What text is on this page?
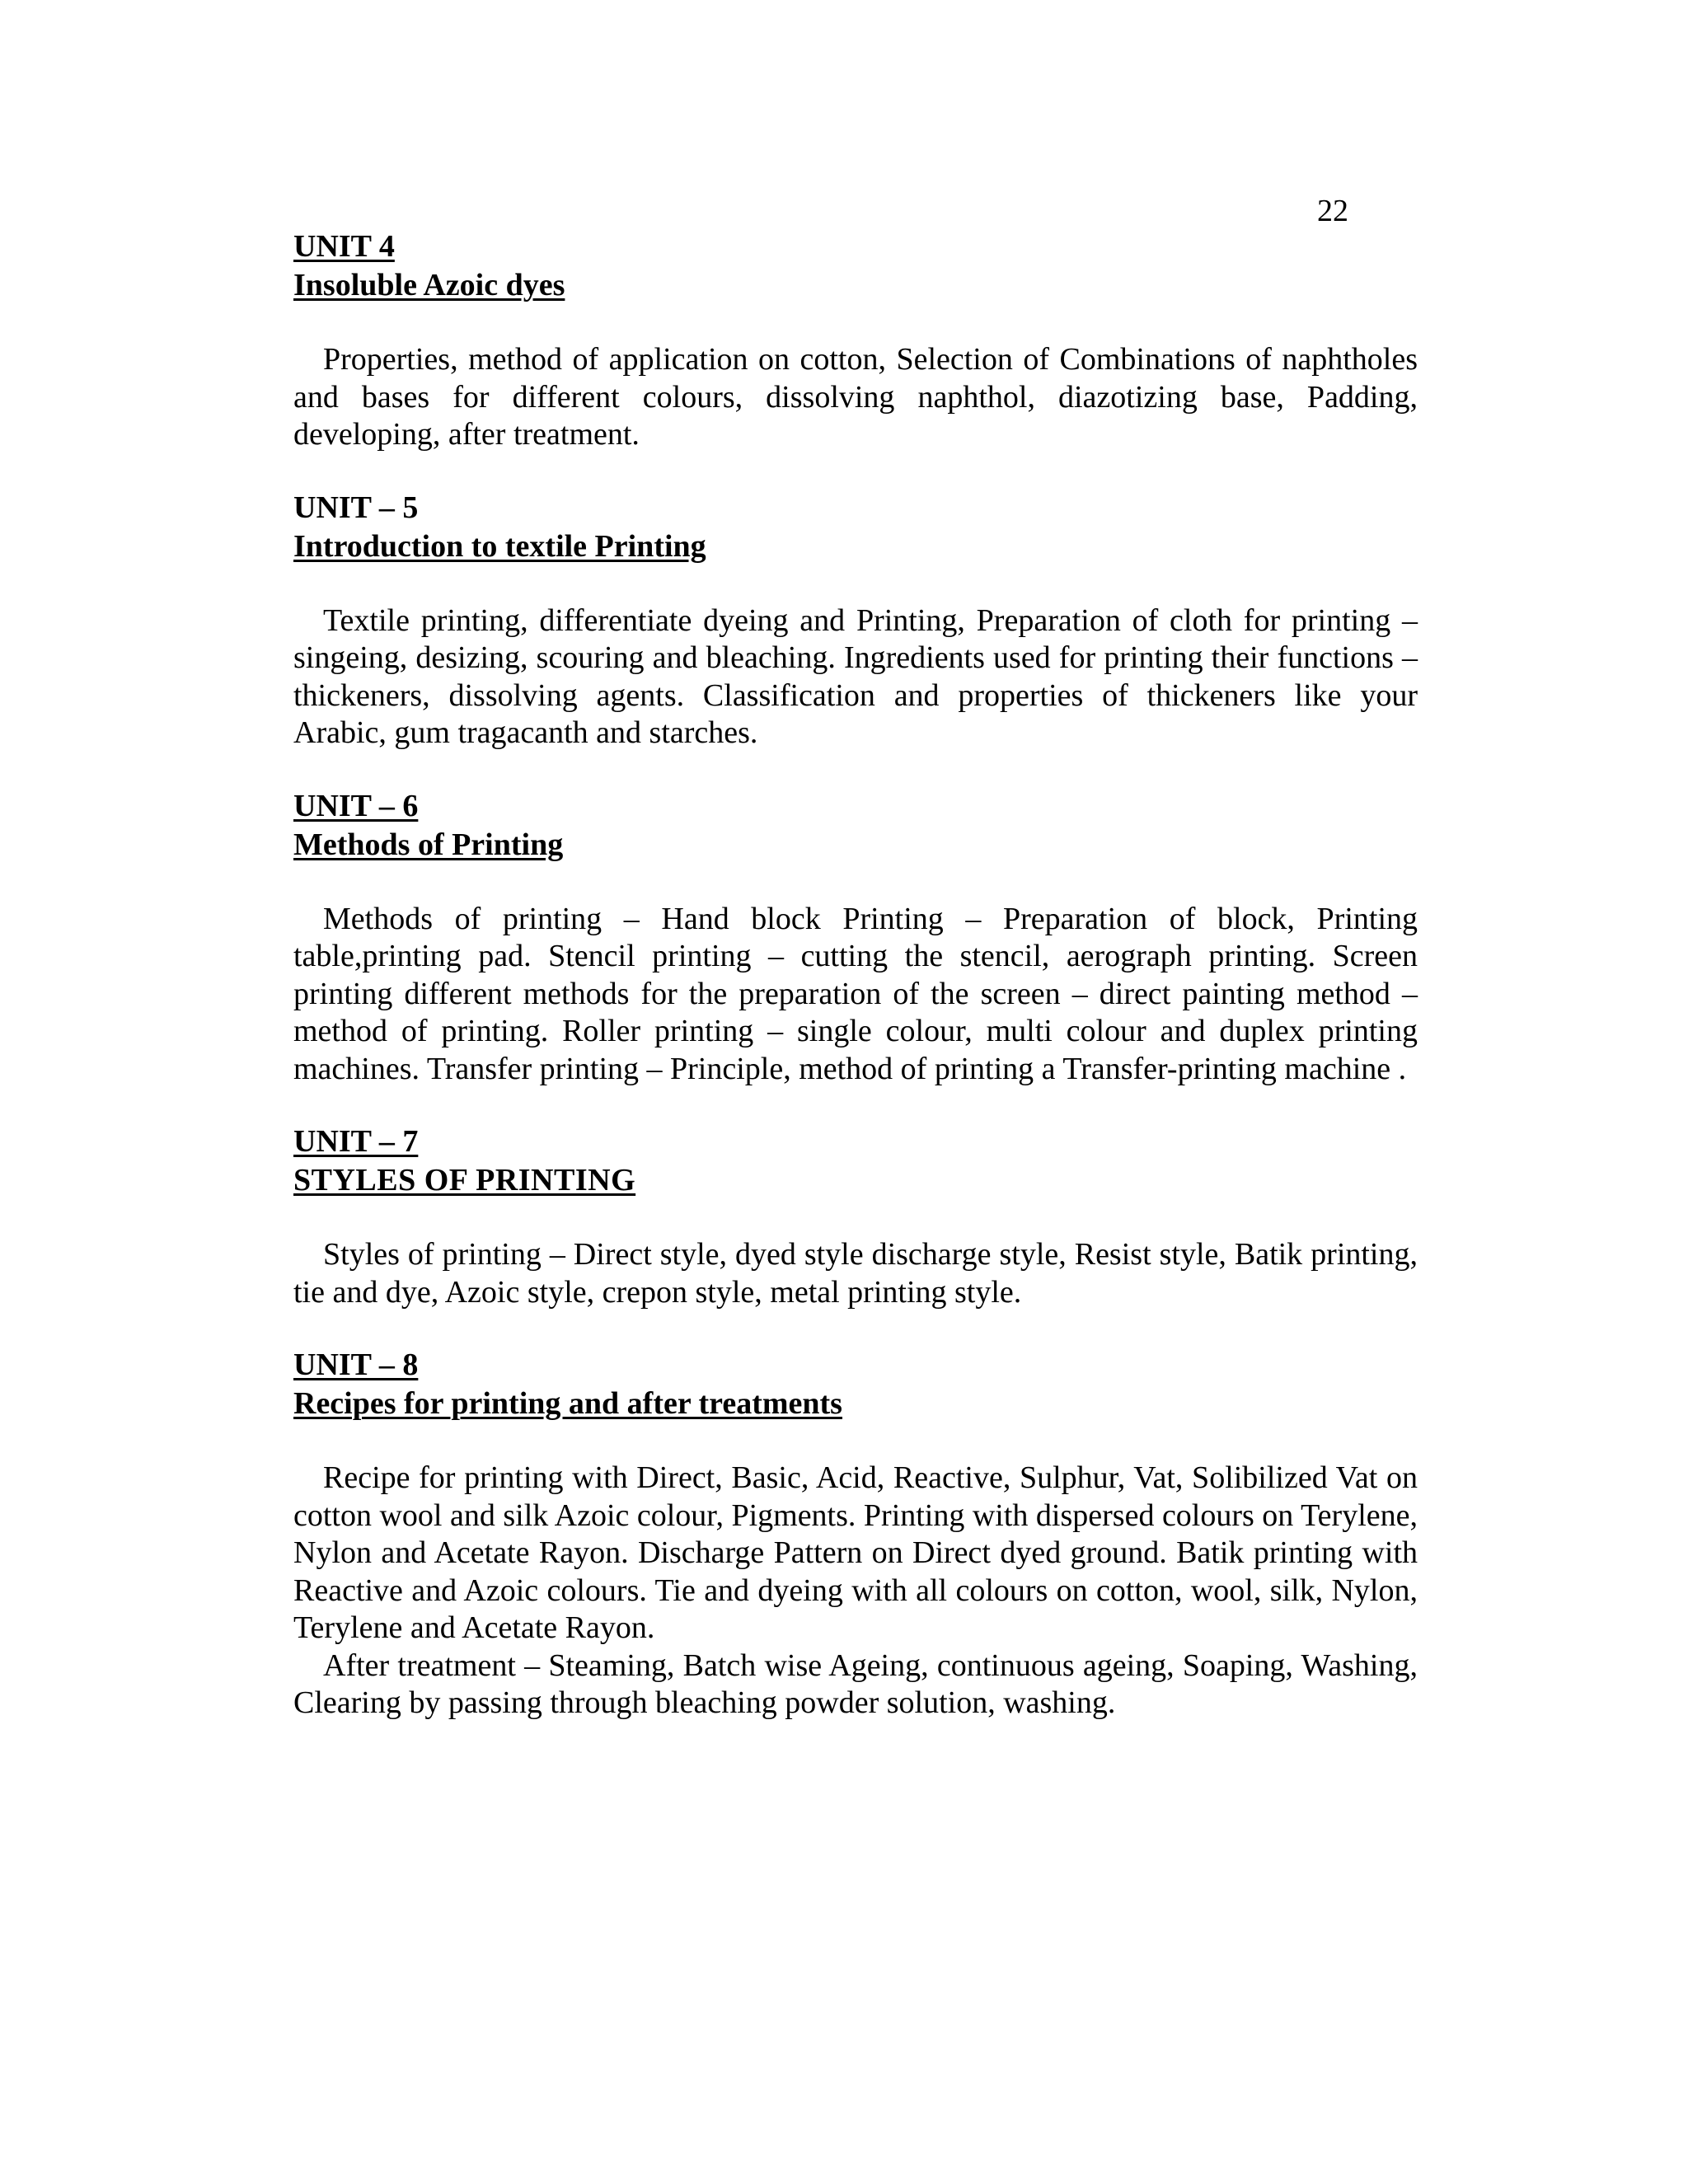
22
UNIT 4
Insoluble Azoic dyes

Properties, method of application on cotton, Selection of Combinations of naphtholes and bases for different colours, dissolving naphthol, diazotizing base, Padding, developing, after treatment.

UNIT – 5
Introduction to textile Printing

Textile printing, differentiate dyeing and Printing, Preparation of cloth for printing –singeing, desizing, scouring and bleaching. Ingredients used for printing their functions – thickeners, dissolving agents. Classification and properties of thickeners like your Arabic, gum tragacanth and starches.

UNIT – 6
Methods of Printing

Methods of printing – Hand block Printing – Preparation of block, Printing table,printing pad. Stencil printing – cutting the stencil, aerograph printing. Screen printing different methods for the preparation of the screen – direct painting method – method of printing. Roller printing – single colour, multi colour and duplex printing machines. Transfer printing – Principle, method of printing a Transfer-printing machine .

UNIT – 7
STYLES OF PRINTING

Styles of printing – Direct style, dyed style discharge style, Resist style, Batik printing, tie and dye, Azoic style, crepon style, metal printing style.

UNIT – 8
Recipes for printing and after treatments

Recipe for printing with Direct, Basic, Acid, Reactive, Sulphur, Vat, Solibilized Vat on cotton wool and silk Azoic colour, Pigments. Printing with dispersed colours on Terylene, Nylon and Acetate Rayon. Discharge Pattern on Direct dyed ground. Batik printing with Reactive and Azoic colours. Tie and dyeing with all colours on cotton, wool, silk, Nylon, Terylene and Acetate Rayon.

After treatment – Steaming, Batch wise Ageing, continuous ageing, Soaping, Washing, Clearing by passing through bleaching powder solution, washing.
